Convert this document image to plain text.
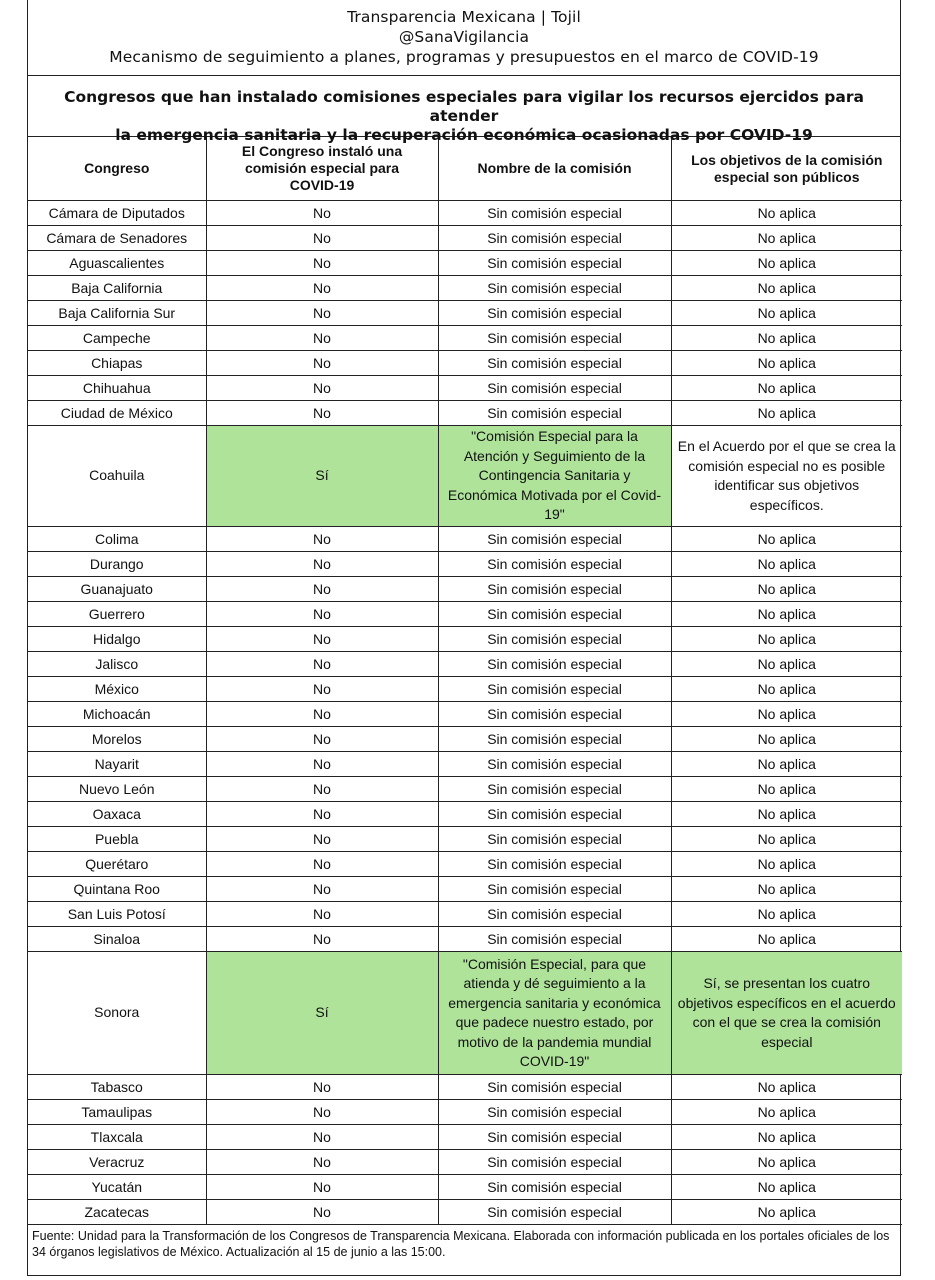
Transparencia Mexicana | Tojil
@SanaVigilancia
Mecanismo de seguimiento a planes, programas y presupuestos en el marco de COVID-19
Congresos que han instalado comisiones especiales para vigilar los recursos ejercidos para atender
la emergencia sanitaria y la recuperación económica ocasionadas por COVID-19
Congreso	El Congreso instaló una comisión especial para COVID-19	Nombre de la comisión	Los objetivos de la comisión especial son públicos
Cámara de Diputados	No	Sin comisión especial	No aplica
Cámara de Senadores	No	Sin comisión especial	No aplica
Aguascalientes	No	Sin comisión especial	No aplica
Baja California	No	Sin comisión especial	No aplica
Baja California Sur	No	Sin comisión especial	No aplica
Campeche	No	Sin comisión especial	No aplica
Chiapas	No	Sin comisión especial	No aplica
Chihuahua	No	Sin comisión especial	No aplica
Ciudad de México	No	Sin comisión especial	No aplica
Coahuila	Sí	"Comisión Especial para la Atención y Seguimiento de la Contingencia Sanitaria y Económica Motivada por el Covid-19"	En el Acuerdo por el que se crea la comisión especial no es posible identificar sus objetivos específicos.
Colima	No	Sin comisión especial	No aplica
Durango	No	Sin comisión especial	No aplica
Guanajuato	No	Sin comisión especial	No aplica
Guerrero	No	Sin comisión especial	No aplica
Hidalgo	No	Sin comisión especial	No aplica
Jalisco	No	Sin comisión especial	No aplica
México	No	Sin comisión especial	No aplica
Michoacán	No	Sin comisión especial	No aplica
Morelos	No	Sin comisión especial	No aplica
Nayarit	No	Sin comisión especial	No aplica
Nuevo León	No	Sin comisión especial	No aplica
Oaxaca	No	Sin comisión especial	No aplica
Puebla	No	Sin comisión especial	No aplica
Querétaro	No	Sin comisión especial	No aplica
Quintana Roo	No	Sin comisión especial	No aplica
San Luis Potosí	No	Sin comisión especial	No aplica
Sinaloa	No	Sin comisión especial	No aplica
Sonora	Sí	"Comisión Especial, para que atienda y dé seguimiento a la emergencia sanitaria y económica que padece nuestro estado, por motivo de la pandemia mundial COVID-19"	Sí, se presentan los cuatro objetivos específicos en el acuerdo con el que se crea la comisión especial
Tabasco	No	Sin comisión especial	No aplica
Tamaulipas	No	Sin comisión especial	No aplica
Tlaxcala	No	Sin comisión especial	No aplica
Veracruz	No	Sin comisión especial	No aplica
Yucatán	No	Sin comisión especial	No aplica
Zacatecas	No	Sin comisión especial	No aplica
Fuente: Unidad para la Transformación de los Congresos de Transparencia Mexicana. Elaborada con información publicada en los portales oficiales de los 34 órganos legislativos de México. Actualización al 15 de junio a las 15:00.
